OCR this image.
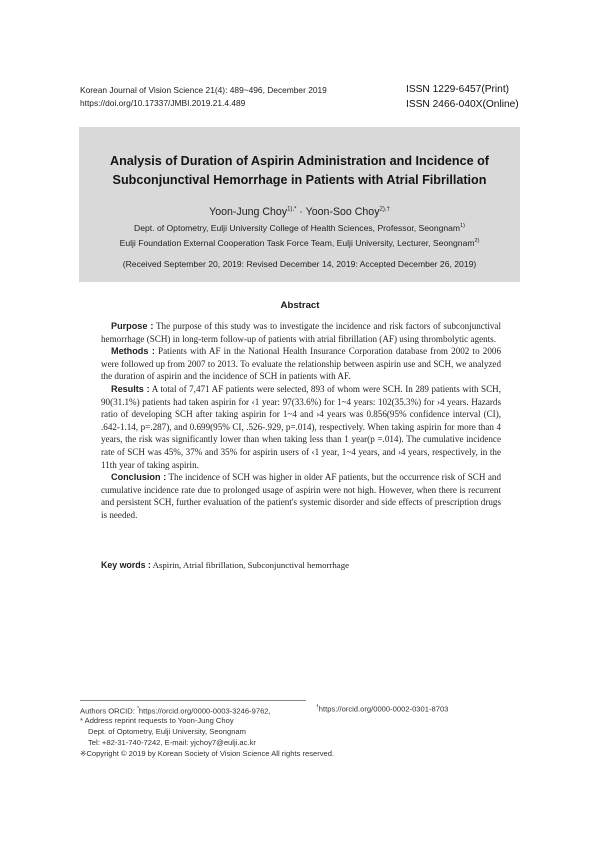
Korean Journal of Vision Science 21(4): 489~496, December 2019
https://doi.org/10.17337/JMBI.2019.21.4.489
ISSN 1229-6457(Print)
ISSN 2466-040X(Online)
Analysis of Duration of Aspirin Administration and Incidence of
Subconjunctival Hemorrhage in Patients with Atrial Fibrillation
Yoon-Jung Choy$^{1),*}$ · Yoon-Soo Choy$^{2),\dagger}$
Dept. of Optometry, Eulji University College of Health Sciences, Professor, Seongnam$^{1)}$
Eulji Foundation External Cooperation Task Force Team, Eulji University, Lecturer, Seongnam$^{2)}$
(Received September 20, 2019: Revised December 14, 2019: Accepted December 26, 2019)
Abstract

Purpose : The purpose of this study was to investigate the incidence and risk factors of subconjunctival hemorrhage (SCH) in long-term follow-up of patients with atrial fibrillation (AF) using thrombolytic agents.

Methods : Patients with AF in the National Health Insurance Corporation database from 2002 to 2006 were followed up from 2007 to 2013. To evaluate the relationship between aspirin use and SCH, we analyzed the duration of aspirin and the incidence of SCH in patients with AF.

Results : A total of 7,471 AF patients were selected, 893 of whom were SCH. In 289 patients with SCH, 90(31.1%) patients had taken aspirin for ‹1 year: 97(33.6%) for 1~4 years: 102(35.3%) for ›4 years. Hazards ratio of developing SCH after taking aspirin for 1~4 and ›4 years was 0.856(95% confidence interval (CI), .642-1.14, p=.287), and 0.699(95% CI, .526-.929, p=.014), respectively. When taking aspirin for more than 4 years, the risk was significantly lower than when taking less than 1 year(p =.014). The cumulative incidence rate of SCH was 45%, 37% and 35% for aspirin users of ‹1 year, 1~4 years, and ›4 years, respectively, in the 11th year of taking aspirin.

Conclusion : The incidence of SCH was higher in older AF patients, but the occurrence risk of SCH and cumulative incidence rate due to prolonged usage of aspirin were not high. However, when there is recurrent and persistent SCH, further evaluation of the patient's systemic disorder and side effects of prescription drugs is needed.

Key words : Aspirin, Atrial fibrillation, Subconjunctival hemorrhage
Authors ORCID: *https://orcid.org/0000-0003-3246-9762,	†https://orcid.org/0000-0002-0301-8703
* Address reprint requests to Yoon-Jung Choy
Dept. of Optometry, Eulji University, Seongnam
Tel: +82-31-740-7242, E-mail: yjchoy7@eulji.ac.kr
※Copyright © 2019 by Korean Society of Vision Science All rights reserved.
